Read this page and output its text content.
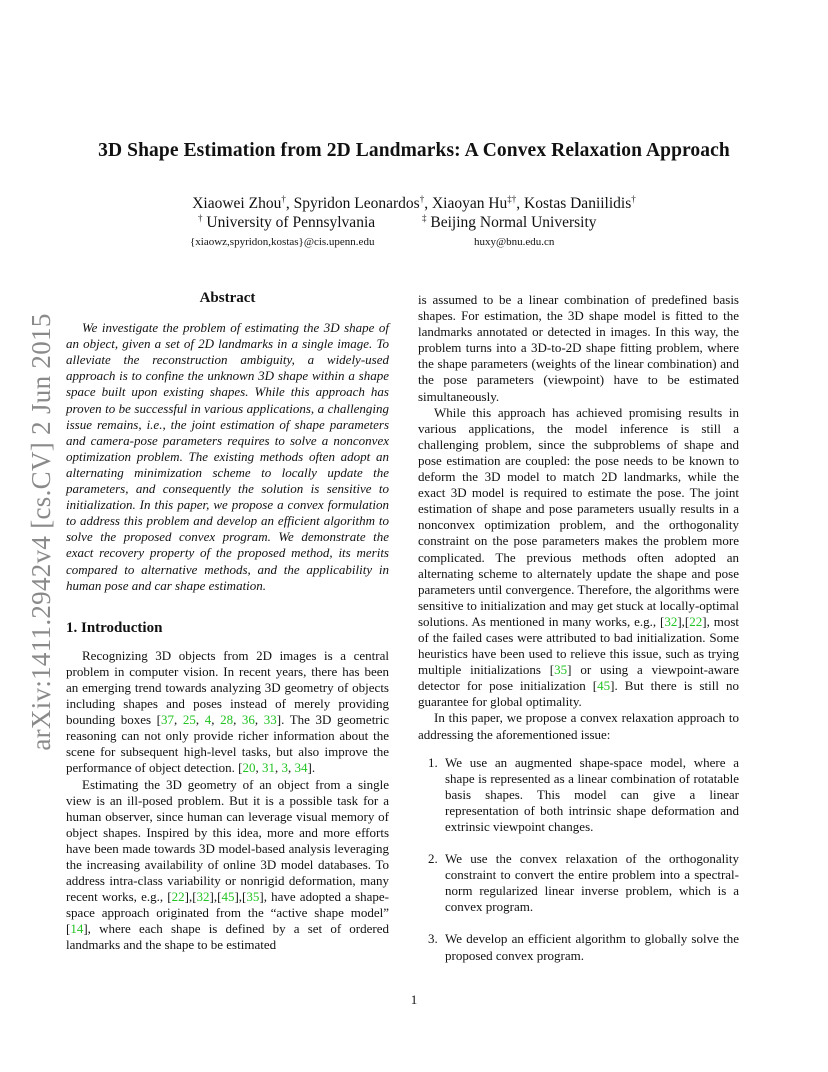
arXiv:1411.2942v4 [cs.CV] 2 Jun 2015
3D Shape Estimation from 2D Landmarks: A Convex Relaxation Approach
Xiaowei Zhou†, Spyridon Leonardos†, Xiaoyan Hu‡†, Kostas Daniilidis†
† University of Pennsylvania	‡ Beijing Normal University
{xiaowz,spyridon,kostas}@cis.upenn.edu	huxy@bnu.edu.cn
Abstract

We investigate the problem of estimating the 3D shape of an object, given a set of 2D landmarks in a single image. To alleviate the reconstruction ambiguity, a widely-used approach is to confine the unknown 3D shape within a shape space built upon existing shapes. While this approach has proven to be successful in various applications, a challenging issue remains, i.e., the joint estimation of shape parameters and camera-pose parameters requires to solve a nonconvex optimization problem. The existing methods often adopt an alternating minimization scheme to locally update the parameters, and consequently the solution is sensitive to initialization. In this paper, we propose a convex formulation to address this problem and develop an efficient algorithm to solve the proposed convex program. We demonstrate the exact recovery property of the proposed method, its merits compared to alternative methods, and the applicability in human pose and car shape estimation.

1. Introduction

Recognizing 3D objects from 2D images is a central problem in computer vision. In recent years, there has been an emerging trend towards analyzing 3D geometry of objects including shapes and poses instead of merely providing bounding boxes [37, 25, 4, 28, 36, 33]. The 3D geometric reasoning can not only provide richer information about the scene for subsequent high-level tasks, but also improve the performance of object detection. [20, 31, 3, 34].

Estimating the 3D geometry of an object from a single view is an ill-posed problem. But it is a possible task for a human observer, since human can leverage visual memory of object shapes. Inspired by this idea, more and more efforts have been made towards 3D model-based analysis leveraging the increasing availability of online 3D model databases. To address intra-class variability or nonrigid deformation, many recent works, e.g., [22],[32],[45],[35], have adopted a shape-space approach originated from the “active shape model” [14], where each shape is defined by a set of ordered landmarks and the shape to be estimated

is assumed to be a linear combination of predefined basis shapes. For estimation, the 3D shape model is fitted to the landmarks annotated or detected in images. In this way, the problem turns into a 3D-to-2D shape fitting problem, where the shape parameters (weights of the linear combination) and the pose parameters (viewpoint) have to be estimated simultaneously.

While this approach has achieved promising results in various applications, the model inference is still a challenging problem, since the subproblems of shape and pose estimation are coupled: the pose needs to be known to deform the 3D model to match 2D landmarks, while the exact 3D model is required to estimate the pose. The joint estimation of shape and pose parameters usually results in a nonconvex optimization problem, and the orthogonality constraint on the pose parameters makes the problem more complicated. The previous methods often adopted an alternating scheme to alternately update the shape and pose parameters until convergence. Therefore, the algorithms were sensitive to initialization and may get stuck at locally-optimal solutions. As mentioned in many works, e.g., [32],[22], most of the failed cases were attributed to bad initialization. Some heuristics have been used to relieve this issue, such as trying multiple initializations [35] or using a viewpoint-aware detector for pose initialization [45]. But there is still no guarantee for global optimality.

In this paper, we propose a convex relaxation approach to addressing the aforementioned issue:

1. We use an augmented shape-space model, where a shape is represented as a linear combination of rotatable basis shapes. This model can give a linear representation of both intrinsic shape deformation and extrinsic viewpoint changes.
2. We use the convex relaxation of the orthogonality constraint to convert the entire problem into a spectral-norm regularized linear inverse problem, which is a convex program.
3. We develop an efficient algorithm to globally solve the proposed convex program.
1
